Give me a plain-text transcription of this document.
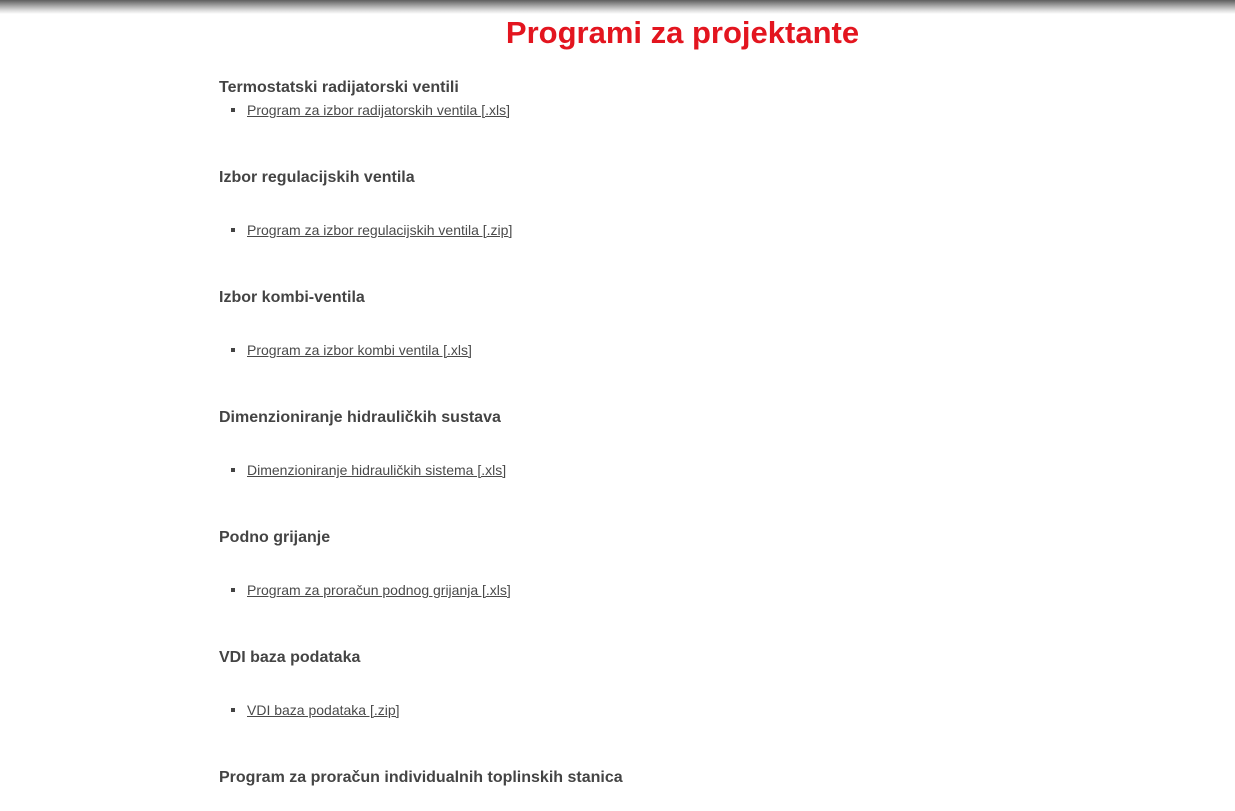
Programi za projektante
Termostatski radijatorski ventili
Program za izbor radijatorskih ventila [.xls]
Izbor regulacijskih ventila
Program za izbor regulacijskih ventila [.zip]
Izbor kombi-ventila
Program za izbor kombi ventila [.xls]
Dimenzioniranje hidrauličkih sustava
Dimenzioniranje hidrauličkih sistema [.xls]
Podno grijanje
Program za proračun podnog grijanja [.xls]
VDI baza podataka
VDI baza podataka [.zip]
Program za proračun individualnih toplinskih stanica
